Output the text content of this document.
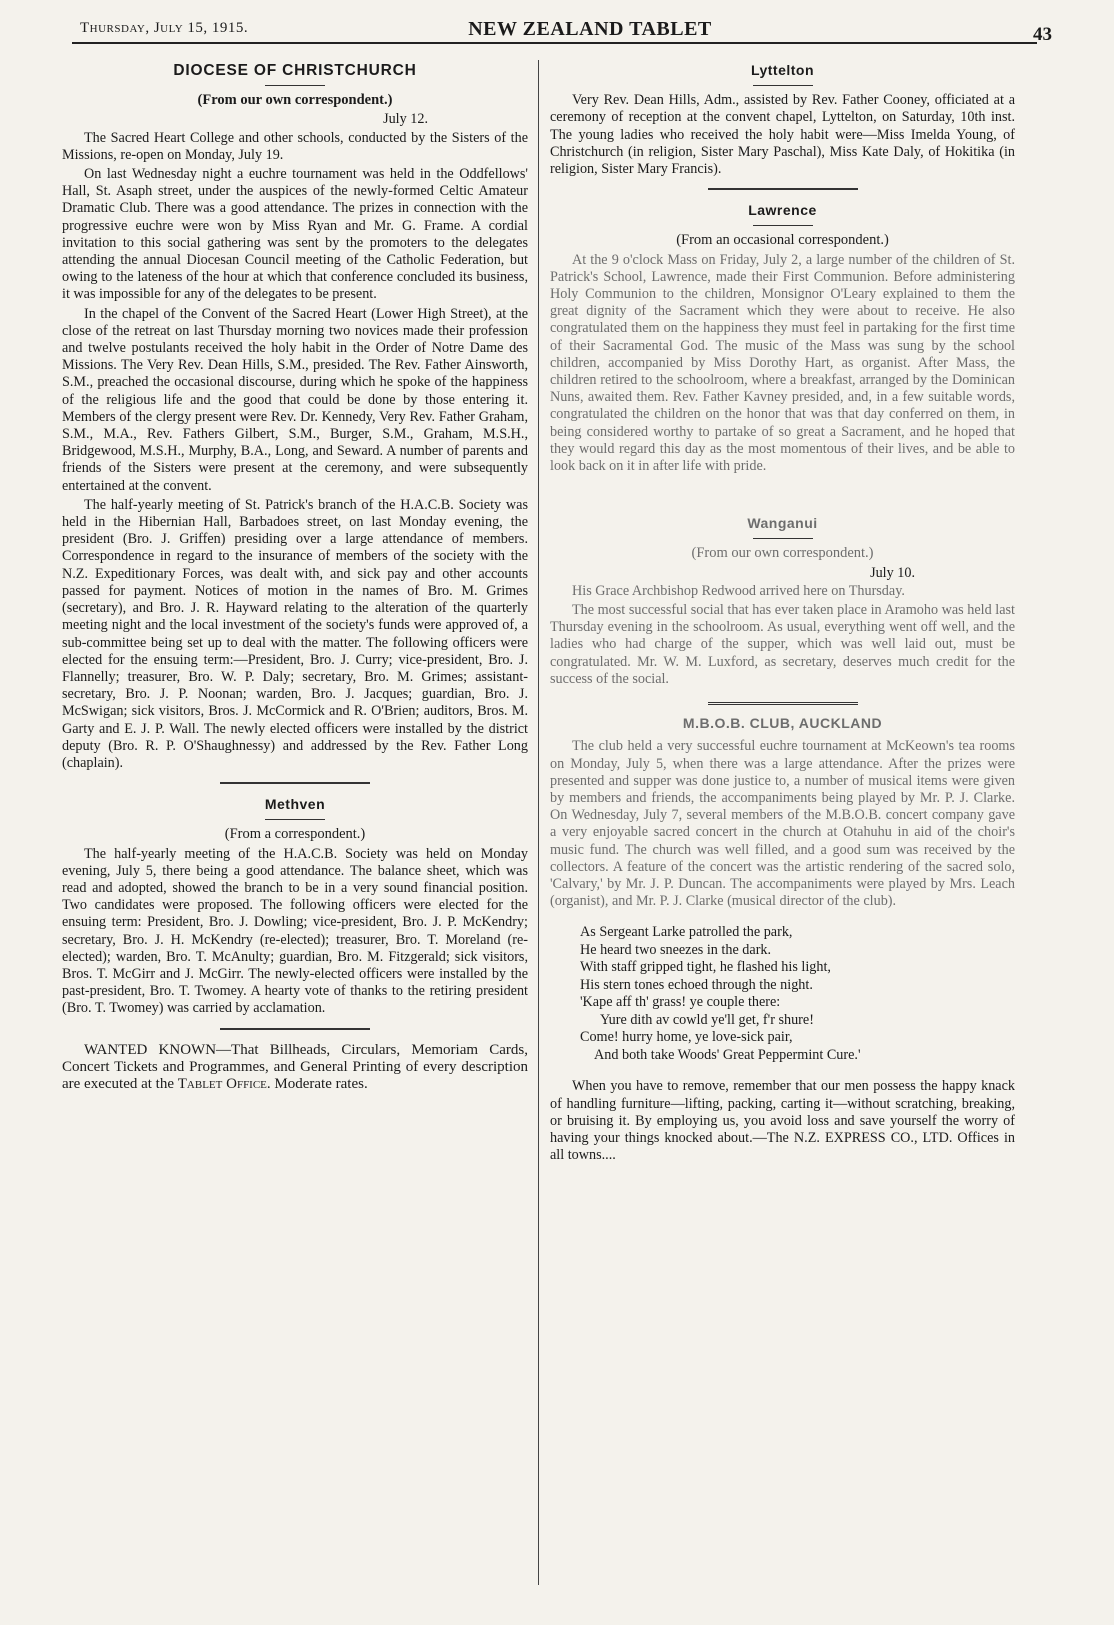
Thursday, July 15, 1915.	NEW ZEALAND TABLET	43
DIOCESE OF CHRISTCHURCH
(From our own correspondent.)
July 12.

The Sacred Heart College and other schools, conducted by the Sisters of the Missions, re-open on Monday, July 19.

On last Wednesday night a euchre tournament was held in the Oddfellows' Hall, St. Asaph street, under the auspices of the newly-formed Celtic Amateur Dramatic Club. There was a good attendance. The prizes in connection with the progressive euchre were won by Miss Ryan and Mr. G. Frame. A cordial invitation to this social gathering was sent by the promoters to the delegates attending the annual Diocesan Council meeting of the Catholic Federation, but owing to the lateness of the hour at which that conference concluded its business, it was impossible for any of the delegates to be present.

In the chapel of the Convent of the Sacred Heart (Lower High Street), at the close of the retreat on last Thursday morning two novices made their profession and twelve postulants received the holy habit in the Order of Notre Dame des Missions. The Very Rev. Dean Hills, S.M., presided. The Rev. Father Ainsworth, S.M., preached the occasional discourse, during which he spoke of the happiness of the religious life and the good that could be done by those entering it. Members of the clergy present were Rev. Dr. Kennedy, Very Rev. Father Graham, S.M., M.A., Rev. Fathers Gilbert, S.M., Burger, S.M., Graham, M.S.H., Bridgewood, M.S.H., Murphy, B.A., Long, and Seward. A number of parents and friends of the Sisters were present at the ceremony, and were subsequently entertained at the convent.

The half-yearly meeting of St. Patrick's branch of the H.A.C.B. Society was held in the Hibernian Hall, Barbadoes street, on last Monday evening, the president (Bro. J. Griffen) presiding over a large attendance of members. Correspondence in regard to the insurance of members of the society with the N.Z. Expeditionary Forces, was dealt with, and sick pay and other accounts passed for payment. Notices of motion in the names of Bro. M. Grimes (secretary), and Bro. J. R. Hayward relating to the alteration of the quarterly meeting night and the local investment of the society's funds were approved of, a sub-committee being set up to deal with the matter. The following officers were elected for the ensuing term:—President, Bro. J. Curry; vice-president, Bro. J. Flannelly; treasurer, Bro. W. P. Daly; secretary, Bro. M. Grimes; assistant-secretary, Bro. J. P. Noonan; warden, Bro. J. Jacques; guardian, Bro. J. McSwigan; sick visitors, Bros. J. McCormick and R. O'Brien; auditors, Bros. M. Garty and E. J. P. Wall. The newly elected officers were installed by the district deputy (Bro. R. P. O'Shaughnessy) and addressed by the Rev. Father Long (chaplain).

Methven
(From a correspondent.)

The half-yearly meeting of the H.A.C.B. Society was held on Monday evening, July 5, there being a good attendance. The balance sheet, which was read and adopted, showed the branch to be in a very sound financial position. Two candidates were proposed. The following officers were elected for the ensuing term: President, Bro. J. Dowling; vice-president, Bro. J. P. McKendry; secretary, Bro. J. H. McKendry (re-elected); treasurer, Bro. T. Moreland (re-elected); warden, Bro. T. McAnulty; guardian, Bro. M. Fitzgerald; sick visitors, Bros. T. McGirr and J. McGirr. The newly-elected officers were installed by the past-president, Bro. T. Twomey. A hearty vote of thanks to the retiring president (Bro. T. Twomey) was carried by acclamation.

WANTED KNOWN—That Billheads, Circulars, Memoriam Cards, Concert Tickets and Programmes, and General Printing of every description are executed at the Tablet Office. Moderate rates.

Lyttelton

Very Rev. Dean Hills, Adm., assisted by Rev. Father Cooney, officiated at a ceremony of reception at the convent chapel, Lyttelton, on Saturday, 10th inst. The young ladies who received the holy habit were—Miss Imelda Young, of Christchurch (in religion, Sister Mary Paschal), Miss Kate Daly, of Hokitika (in religion, Sister Mary Francis).

Lawrence
(From an occasional correspondent.)

At the 9 o'clock Mass on Friday, July 2, a large number of the children of St. Patrick's School, Lawrence, made their First Communion. Before administering Holy Communion to the children, Monsignor O'Leary explained to them the great dignity of the Sacrament which they were about to receive. He also congratulated them on the happiness they must feel in partaking for the first time of their Sacramental God. The music of the Mass was sung by the school children, accompanied by Miss Dorothy Hart, as organist. After Mass, the children retired to the schoolroom, where a breakfast, arranged by the Dominican Nuns, awaited them. Rev. Father Kavney presided, and, in a few suitable words, congratulated the children on the honor that was that day conferred on them, in being considered worthy to partake of so great a Sacrament, and he hoped that they would regard this day as the most momentous of their lives, and be able to look back on it in after life with pride.

Wanganui
(From our own correspondent.)
July 10.

His Grace Archbishop Redwood arrived here on Thursday.

The most successful social that has ever taken place in Aramoho was held last Thursday evening in the schoolroom. As usual, everything went off well, and the ladies who had charge of the supper, which was well laid out, must be congratulated. Mr. W. M. Luxford, as secretary, deserves much credit for the success of the social.

M.B.O.B. CLUB, AUCKLAND

The club held a very successful euchre tournament at McKeown's tea rooms on Monday, July 5, when there was a large attendance. After the prizes were presented and supper was done justice to, a number of musical items were given by members and friends, the accompaniments being played by Mr. P. J. Clarke. On Wednesday, July 7, several members of the M.B.O.B. concert company gave a very enjoyable sacred concert in the church at Otahuhu in aid of the choir's music fund. The church was well filled, and a good sum was received by the collectors. A feature of the concert was the artistic rendering of the sacred solo, 'Calvary,' by Mr. J. P. Duncan. The accompaniments were played by Mrs. Leach (organist), and Mr. P. J. Clarke (musical director of the club).

As Sergeant Larke patrolled the park,
He heard two sneezes in the dark.
With staff gripped tight, he flashed his light,
His stern tones echoed through the night.
'Kape aff th' grass! ye couple there:
Yure dith av cowld ye'll get, f'r shure!
Come! hurry home, ye love-sick pair,
And both take Woods' Great Peppermint Cure.'

When you have to remove, remember that our men possess the happy knack of handling furniture—lifting, packing, carting it—without scratching, breaking, or bruising it. By employing us, you avoid loss and save yourself the worry of having your things knocked about.—The N.Z. EXPRESS CO., LTD. Offices in all towns....
